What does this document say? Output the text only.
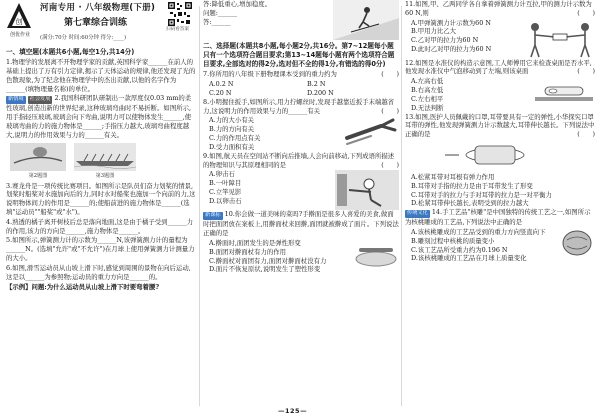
创
创优作业
河南专用 · 八年级物理(下册)
第七章综合训练
(满分:70分 时间:60分钟 得分:____)
扫码看答案

一、填空题(本题共6小题,每空1分,共14分)

1.物理学的发展离不开物理学家的贡献,英国科学家______在前人的基础上提出了万有引力定律,揭示了天体运动的规律,他还发现了光的色散现象,为了纪念他在物理学中的杰出贡献,以他的名字作为______(填物理量名称)的单位。

新情境 社会发展 2.我国科研团队研制出一款厚度仅0.03 mm的柔性玻璃,创造出新的世界纪录,这种玻璃弯曲时不易折断。如图所示,用手指轻压玻璃,玻璃会向下弯曲,说明力可以使物体发生______,使玻璃弯曲的力的施力物体是______;手指压力越大,玻璃弯曲程度越大,说明力的作用效果与力的______有关。

第2题图	第3题图

3.赛龙舟是一项传统比赛项目。如图所示是队员们奋力划桨的情景,划桨时船桨对水施加向后的力,同时水对船桨也施加一个向前的力,这说明物体间力的作用是______的;使船前进的施力物体是______(选填"运动员""船桨"或"水")。

4.熟透的橘子离开树枝后总是落向地面,这是由于橘子受到______力的作用,该力的方向是______,施力物体是______。

5.如图所示,弹簧测力计的示数为______N,该弹簧测力计的量程为______N。(选填"允许"或"不允许")在月球上使用弹簧测力计测量力的大小。

6.如图,滑雪运动员从山坡上滑下时,感觉到周围的景物在向后运动,这是以______为参照物;运动员的重力方向是______的。

【示例】问题:为什么运动员从山坡上滑下时要弯着腰?

答:降低重心,增加稳度。

问题:______

答:______

二、选择题(本题共8小题,每小题2分,共16分。第7~12题每小题只有一个选项符合题目要求;第13~14题每小题有两个选项符合题目要求,全部选对的得2分,选对但不全的得1分,有错选的得0分)

7.你所用的八年级下册物理课本受到的重力约为	(　　)

A.0.2 N	B.2 N

C.20 N	D.200 N

8.小明握住扳手,如图所示,用力拧螺丝时,发现手越靠近扳手末端越省力,这说明力的作用效果与力的______有关	(　　)

A.力的大小有关

B.力的方向有关

C.力的作用点有关

D.受力面积有关

9.如图,航天员在空间站不断向后推墙,人会向前移动,下列成语所描述的物理知识与其原理相同的是	(　　)

A.卵击石

B.一叶障目

C.立竿见影

D.以卵击石

新课标 10.你会做一道美味的菜吗?手擀面是很多人喜爱的美食,做面时把面团放在案板上,用擀面杖来回擀,面团就被擀成了面片。下列说法正确的是

A.擀面时,面团发生的是弹性形变

B.面团对擀面杖有力的作用

C.擀面杖对面团有力,面团对擀面杖没有力

D.面片不恢复原状,说明发生了塑性形变

11.如图,甲、乙两同学各自拿着弹簧测力计互拉,甲的测力计示数为60 N,则	(　　)

A.甲弹簧测力计示数为60 N

B.甲用力比乙大

C.乙对甲的拉力为60 N

D.此时乙对甲的拉力为60 N

12.如图是水准仪的构造示意图,工人师傅用它来检查桌面是否水平,他发现水准仪中气泡移动到了左端,则该桌面	(　　)

A.左高右低

B.右高左低

C.左右相平

D.无法判断

13.如图,医护人员佩戴的口罩,耳带要具有一定的弹性,小华探究口罩耳带的弹性,他发现弹簧测力计示数越大,耳带伸长越长。下列说法中正确的是	(　　)

A.松紧耳带对耳根有弹力作用

B.耳带对手指的拉力是由于耳带发生了形变

C.耳带对手的拉力与手对耳带的拉力是一对平衡力

D.松紧耳带伸长越长,表明受到的拉力越大

传统文化 14.手工艺品"核雕"是中国独特的传统工艺之一,如图所示为核桃雕成的工艺品,下列说法中正确的是

A.该核桃雕成的工艺品受到的重力方向竖直向下

B.雕刻过程中核桃的质量变小

C.该工艺品所受重力约为0.196 N

D.该核桃雕成的工艺品在月球上质量变化

—125—
